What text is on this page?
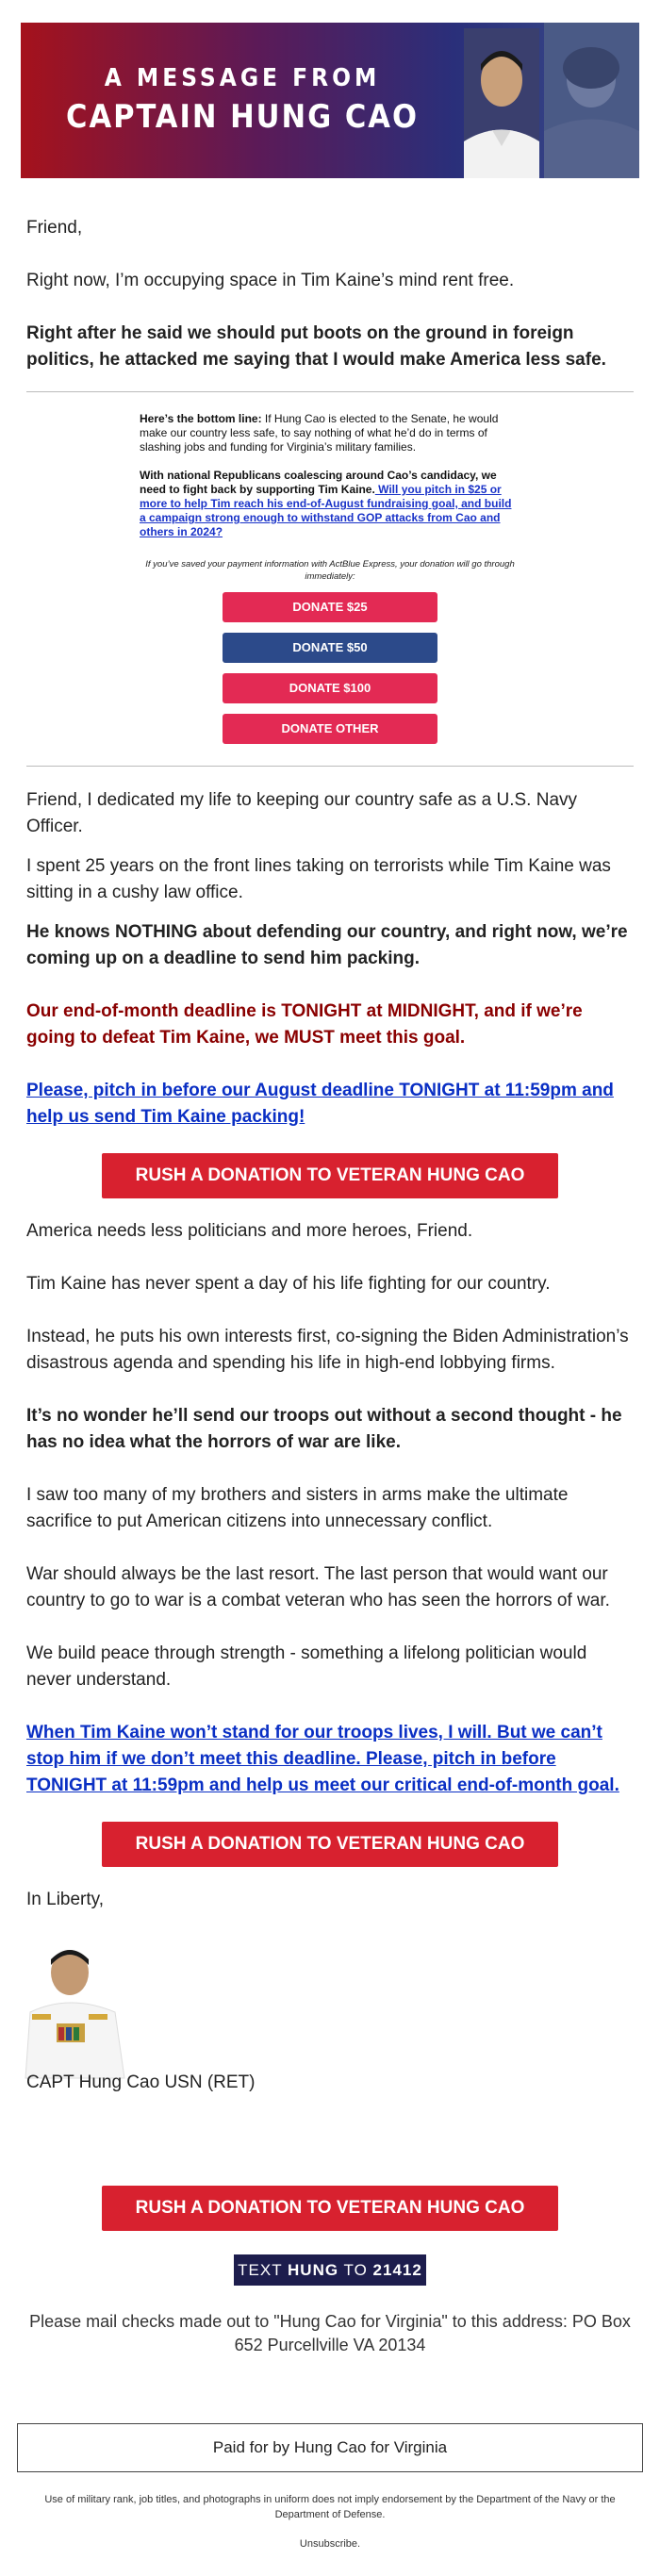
A MESSAGE FROM
CAPTAIN HUNG CAO
Friend,
Right now, I’m occupying space in Tim Kaine’s mind rent free.
Right after he said we should put boots on the ground in foreign politics, he attacked me saying that I would make America less safe.
Here’s the bottom line: If Hung Cao is elected to the Senate, he would make our country less safe, to say nothing of what he’d do in terms of slashing jobs and funding for Virginia’s military families.
With national Republicans coalescing around Cao’s candidacy, we need to fight back by supporting Tim Kaine. Will you pitch in $25 or more to help Tim reach his end-of-August fundraising goal, and build a campaign strong enough to withstand GOP attacks from Cao and others in 2024?
If you’ve saved your payment information with ActBlue Express, your donation will go through immediately:
DONATE $25
DONATE $50
DONATE $100
DONATE OTHER
Friend, I dedicated my life to keeping our country safe as a U.S. Navy Officer.
I spent 25 years on the front lines taking on terrorists while Tim Kaine was sitting in a cushy law office.
He knows NOTHING about defending our country, and right now, we’re coming up on a deadline to send him packing.
Our end-of-month deadline is TONIGHT at MIDNIGHT, and if we’re going to defeat Tim Kaine, we MUST meet this goal.
Please, pitch in before our August deadline TONIGHT at 11:59pm and help us send Tim Kaine packing!
RUSH A DONATION TO VETERAN HUNG CAO
America needs less politicians and more heroes, Friend.
Tim Kaine has never spent a day of his life fighting for our country.
Instead, he puts his own interests first, co-signing the Biden Administration’s disastrous agenda and spending his life in high-end lobbying firms.
It’s no wonder he’ll send our troops out without a second thought - he has no idea what the horrors of war are like.
I saw too many of my brothers and sisters in arms make the ultimate sacrifice to put American citizens into unnecessary conflict.
War should always be the last resort. The last person that would want our country to go to war is a combat veteran who has seen the horrors of war.
We build peace through strength - something a lifelong politician would never understand.
When Tim Kaine won’t stand for our troops lives, I will. But we can’t stop him if we don’t meet this deadline. Please, pitch in before TONIGHT at 11:59pm and help us meet our critical end-of-month goal.
RUSH A DONATION TO VETERAN HUNG CAO
In Liberty,
CAPT Hung Cao USN (RET)
RUSH A DONATION TO VETERAN HUNG CAO
TEXT HUNG TO 21412
Please mail checks made out to "Hung Cao for Virginia" to this address: PO Box 652 Purcellville VA 20134
Paid for by Hung Cao for Virginia
Use of military rank, job titles, and photographs in uniform does not imply endorsement by the Department of the Navy or the Department of Defense.
Unsubscribe.
